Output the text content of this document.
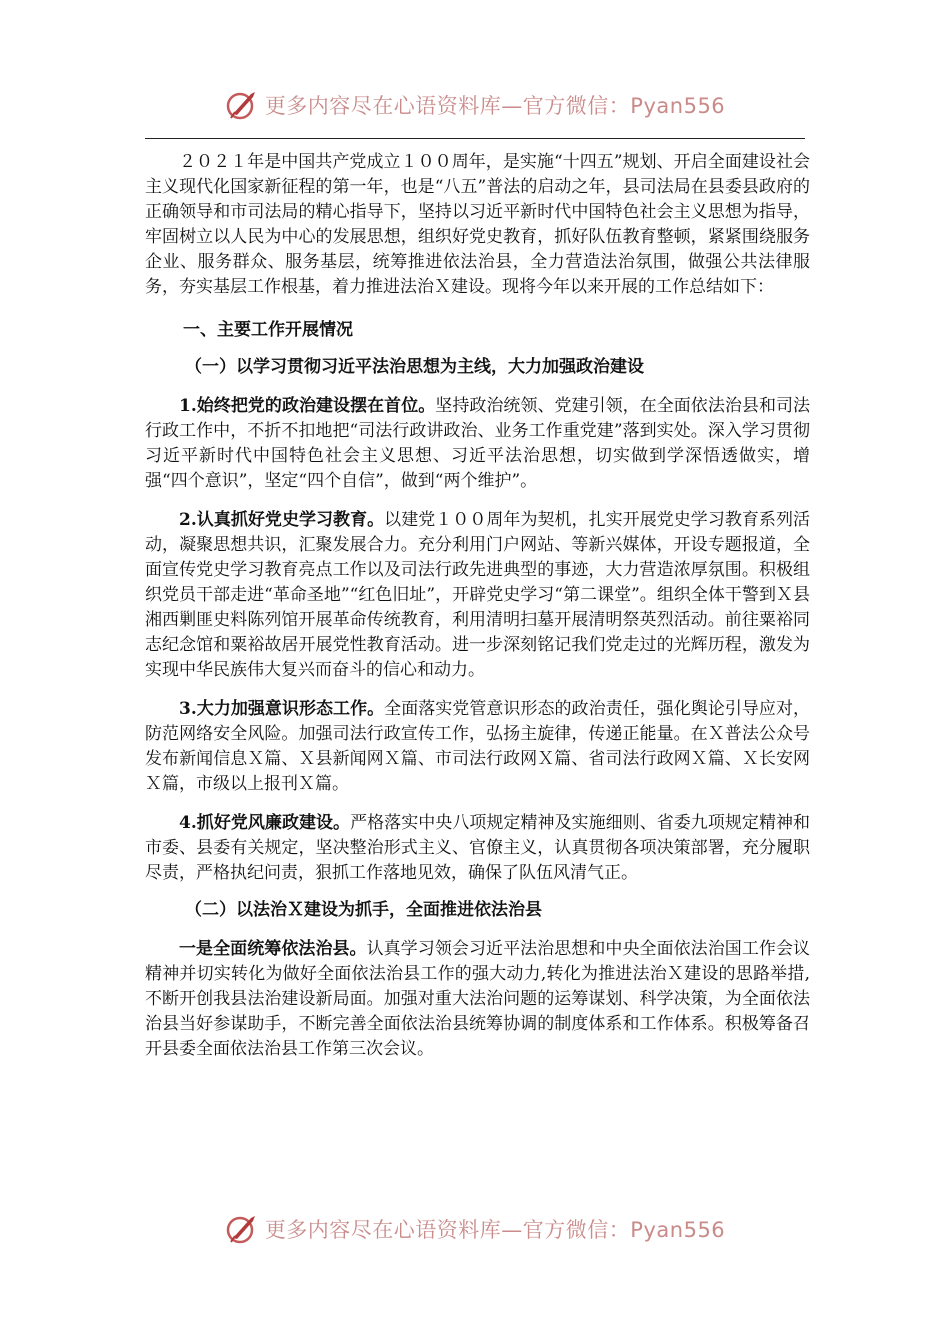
更多内容尽在心语资料库—官方微信：Pyan556

２０２１年是中国共产党成立１００周年，是实施“十四五”规划、开启全面建设社会主义现代化国家新征程的第一年，也是“八五”普法的启动之年，县司法局在县委县政府的正确领导和市司法局的精心指导下，坚持以习近平新时代中国特色社会主义思想为指导，牢固树立以人民为中心的发展思想，组织好党史教育，抓好队伍教育整顿，紧紧围绕服务企业、服务群众、服务基层，统筹推进依法治县，全力营造法治氛围，做强公共法律服务，夯实基层工作根基，着力推进法治Ｘ建设。现将今年以来开展的工作总结如下：

一、主要工作开展情况

（一）以学习贯彻习近平法治思想为主线，大力加强政治建设

1.始终把党的政治建设摆在首位。坚持政治统领、党建引领，在全面依法治县和司法行政工作中，不折不扣地把“司法行政讲政治、业务工作重党建”落到实处。深入学习贯彻习近平新时代中国特色社会主义思想、习近平法治思想，切实做到学深悟透做实，增强“四个意识”，坚定“四个自信”，做到“两个维护”。

2.认真抓好党史学习教育。以建党１００周年为契机，扎实开展党史学习教育系列活动，凝聚思想共识，汇聚发展合力。充分利用门户网站、等新兴媒体，开设专题报道，全面宣传党史学习教育亮点工作以及司法行政先进典型的事迹，大力营造浓厚氛围。积极组织党员干部走进“革命圣地”“红色旧址”，开辟党史学习“第二课堂”。组织全体干警到Ｘ县湘西剿匪史料陈列馆开展革命传统教育，利用清明扫墓开展清明祭英烈活动。前往粟裕同志纪念馆和粟裕故居开展党性教育活动。进一步深刻铭记我们党走过的光辉历程，激发为实现中华民族伟大复兴而奋斗的信心和动力。

3.大力加强意识形态工作。全面落实党管意识形态的政治责任，强化舆论引导应对，防范网络安全风险。加强司法行政宣传工作，弘扬主旋律，传递正能量。在Ｘ普法公众号发布新闻信息Ｘ篇、Ｘ县新闻网Ｘ篇、市司法行政网Ｘ篇、省司法行政网Ｘ篇、Ｘ长安网Ｘ篇，市级以上报刊Ｘ篇。

4.抓好党风廉政建设。严格落实中央八项规定精神及实施细则、省委九项规定精神和市委、县委有关规定，坚决整治形式主义、官僚主义，认真贯彻各项决策部署，充分履职尽责，严格执纪问责，狠抓工作落地见效，确保了队伍风清气正。

（二）以法治Ｘ建设为抓手，全面推进依法治县

一是全面统筹依法治县。认真学习领会习近平法治思想和中央全面依法治国工作会议精神并切实转化为做好全面依法治县工作的强大动力,转化为推进法治Ｘ建设的思路举措,不断开创我县法治建设新局面。加强对重大法治问题的运筹谋划、科学决策，为全面依法治县当好参谋助手，不断完善全面依法治县统筹协调的制度体系和工作体系。积极筹备召开县委全面依法治县工作第三次会议。

更多内容尽在心语资料库—官方微信：Pyan556
